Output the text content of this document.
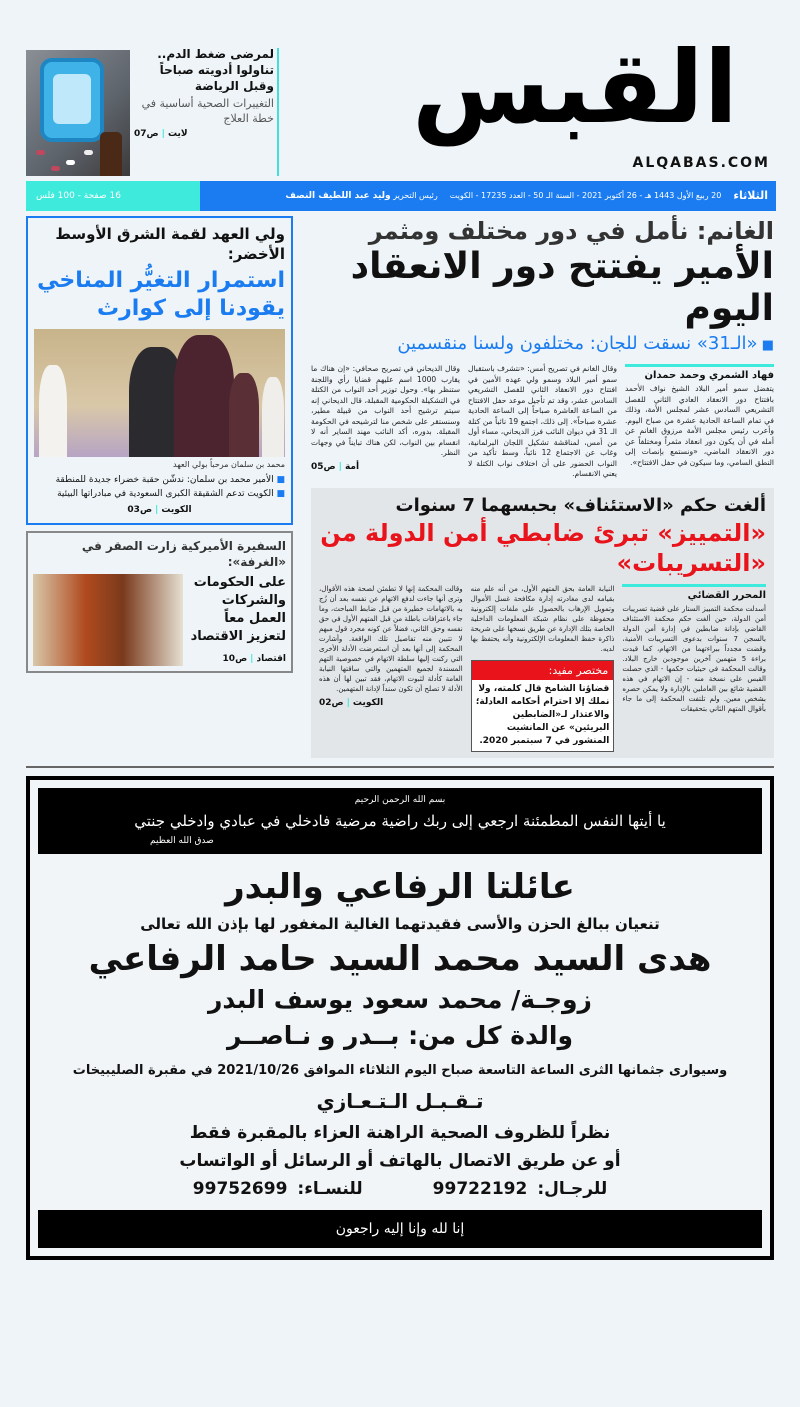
لمرضى ضغط الدم..
تناولوا أدويته صباحاً
وقبل الرياضة
التغييرات الصحية أساسية في خطة العلاج
لايت|ص07	القبس
ALQABAS.COM
الثلاثاء
20 ربيع الأول 1443 هـ - 26 أكتوبر 2021 - السنة الـ 50 - العدد 17235 - الكويت
رئيس التحرير وليد عبد اللطيف النصف
16 صفحة - 100 فلس
الغانم: نأمل في دور مختلف ومثمر
الأمير يفتتح دور الانعقاد اليوم
■ «الـ31» نسقت للجان: مختلفون ولسنا منقسمين
فهاد الشمري وحمد حمدان
يتفضل سمو أمير البلاد الشيخ نواف الأحمد بافتتاح دور الانعقاد العادي الثاني للفصل التشريعي السادس عشر لمجلس الأمة، وذلك في تمام الساعة الحادية عشرة من صباح اليوم. وأعرب رئيس مجلس الأمة مرزوق الغانم عن أمله في أن يكون دور انعقاد مثمراً ومختلفاً عن دور الانعقاد الماضي، «ونستمع بإنصات إلى النطق السامي، وما سيكون في حفل الافتتاح».
وقال الغانم في تصريح أمس: «نتشرف باستقبال سمو أمير البلاد وسمو ولي عهده الأمين في افتتاح دور الانعقاد الثاني للفصل التشريعي السادس عشر، وقد تم تأجيل موعد حفل الافتتاح من الساعة العاشرة صباحاً إلى الساعة الحادية عشرة صباحاً». إلى ذلك، اجتمع 19 نائباً من كتلة الـ 31 في ديوان النائب فرز الديحاني، مساء أول من أمس، لمناقشة تشكيل اللجان البرلمانية، وغاب عن الاجتماع 12 نائباً، وسط تأكيد من النواب الحضور على أن اختلاف نواب الكتلة لا يعني الانقسام.
وقال الديحاني في تصريح صحافي: «إن هناك ما يقارب 1000 اسم عليهم قضايا رأي واللجنة ستنظر بها». وحول توزير أحد النواب من الكتلة في التشكيلة الحكومية المقبلة، قال الديحاني إنه سيتم ترشيح أحد النواب من قبيلة مطير، وسنستقر على شخص منا لترشيحه في الحكومة المقبلة. بدوره، أكد النائب مهند الساير أنه لا انقسام بين النواب، لكن هناك تبايناً في وجهات النظر.
أمة|ص05
ألغت حكم «الاستئناف» بحبسهما 7 سنوات
«التمييز» تبرئ ضابطي أمن الدولة من «التسريبات»
المحرر القضائي
أسدلت محكمة التمييز الستار على قضية تسريبات أمن الدولة، حين ألغت حكم محكمة الاستئناف القاضي بإدانة ضابطين في إدارة أمن الدولة بالسجن 7 سنوات بدعوى التسريبات الأمنية، وقضت مجدداً ببراءتهما من الاتهام، كما قيدت براءة 5 متهمين آخرين موجودين خارج البلاد. وقالت المحكمة في حيثيات حكمها - الذي حصلت القبس على نسخة منه - إن الاتهام في هذه القضية شائع بين العاملين بالإدارة ولا يمكن حصره بشخص معين. ولم تلتفت المحكمة إلى ما جاء بأقوال المتهم الثاني بتحقيقات
النيابة العامة بحق المتهم الأول، من أنه علم منه بقيامه لدى مغادرته إدارة مكافحة غسل الأموال وتمويل الإرهاب بالحصول على ملفات إلكترونية محفوظة على نظام شبكة المعلومات الداخلية الخاصة بتلك الإدارة عن طريق نسخها على شريحة ذاكرة حفظ المعلومات الإلكترونية وأنه يحتفظ بها لديه.
مختصر مفيد:
قضاؤنا الشامخ قال كلمته، ولا نملك إلا احترام أحكامه العادلة؛ والاعتذار لـ«الضابطين البريئين» عن المانشيت المنشور في 7 سبتمبر 2020.
وقالت المحكمة إنها لا تطمئن لصحة هذه الأقوال، وترى أنها جاءت لدفع الاتهام عن نفسه بعد أن زُج به بالاتهامات خطيرة من قبل ضابط المباحث، وما جاء باعترافات باطلة من قبل المتهم الأول في حق نفسه وحق الثاني، فضلاً عن كونه مجرد قول مبهم لا تتبين منه تفاصيل تلك الواقعة. وأشارت المحكمة إلى أنها بعد أن استعرضت الأدلة الأخرى التي ركنت إليها سلطة الاتهام في خصوصية التهم المسندة لجميع المتهمين والتي ساقتها النيابة العامة كأدلة لثبوت الاتهام، فقد تبين لها أن هذه الأدلة لا تصلح أن تكون سنداً لإدانة المتهمين.
الكويت|ص02
ولي العهد لقمة الشرق الأوسط الأخضر:
استمرار التغيُّر المناخي يقودنا إلى كوارث
محمد بن سلمان مرحباً بولي العهد
■ الأمير محمد بن سلمان: ندشّن حقبة خضراء جديدة للمنطقة
■ الكويت تدعم الشقيقة الكبرى السعودية في مبادراتها البيئية
الكويت|ص03
السفيرة الأميركية زارت الصقر في «الغرفة»:
على الحكومات والشركات العمل معاً لتعزيز الاقتصاد
اقتصاد|ص10
بسم الله الرحمن الرحيم
يا أيتها النفس المطمئنة ارجعي إلى ربك راضية مرضية فادخلي في عبادي وادخلي جنتي
صدق الله العظيم
عائلتا الرفاعي والبدر
تنعيان ببالغ الحزن والأسى فقيدتهما الغالية المغفور لها بإذن الله تعالى
هدى السيد محمد السيد حامد الرفاعي
زوجـة/ محمد سعود يوسف البدر
والدة كل من: بــدر و نـاصــر
وسيوارى جثمانها الثرى الساعة التاسعة صباح اليوم الثلاثاء الموافق 2021/10/26 في مقبرة الصليبيخات
تـقـبـل الـتـعـازي
نظراً للظروف الصحية الراهنة العزاء بالمقبرة فقط
أو عن طريق الاتصال بالهاتف أو الرسائل أو الواتساب
للرجـال:
99722192
للنسـاء:
99752699
إنا لله وإنا إليه راجعون
